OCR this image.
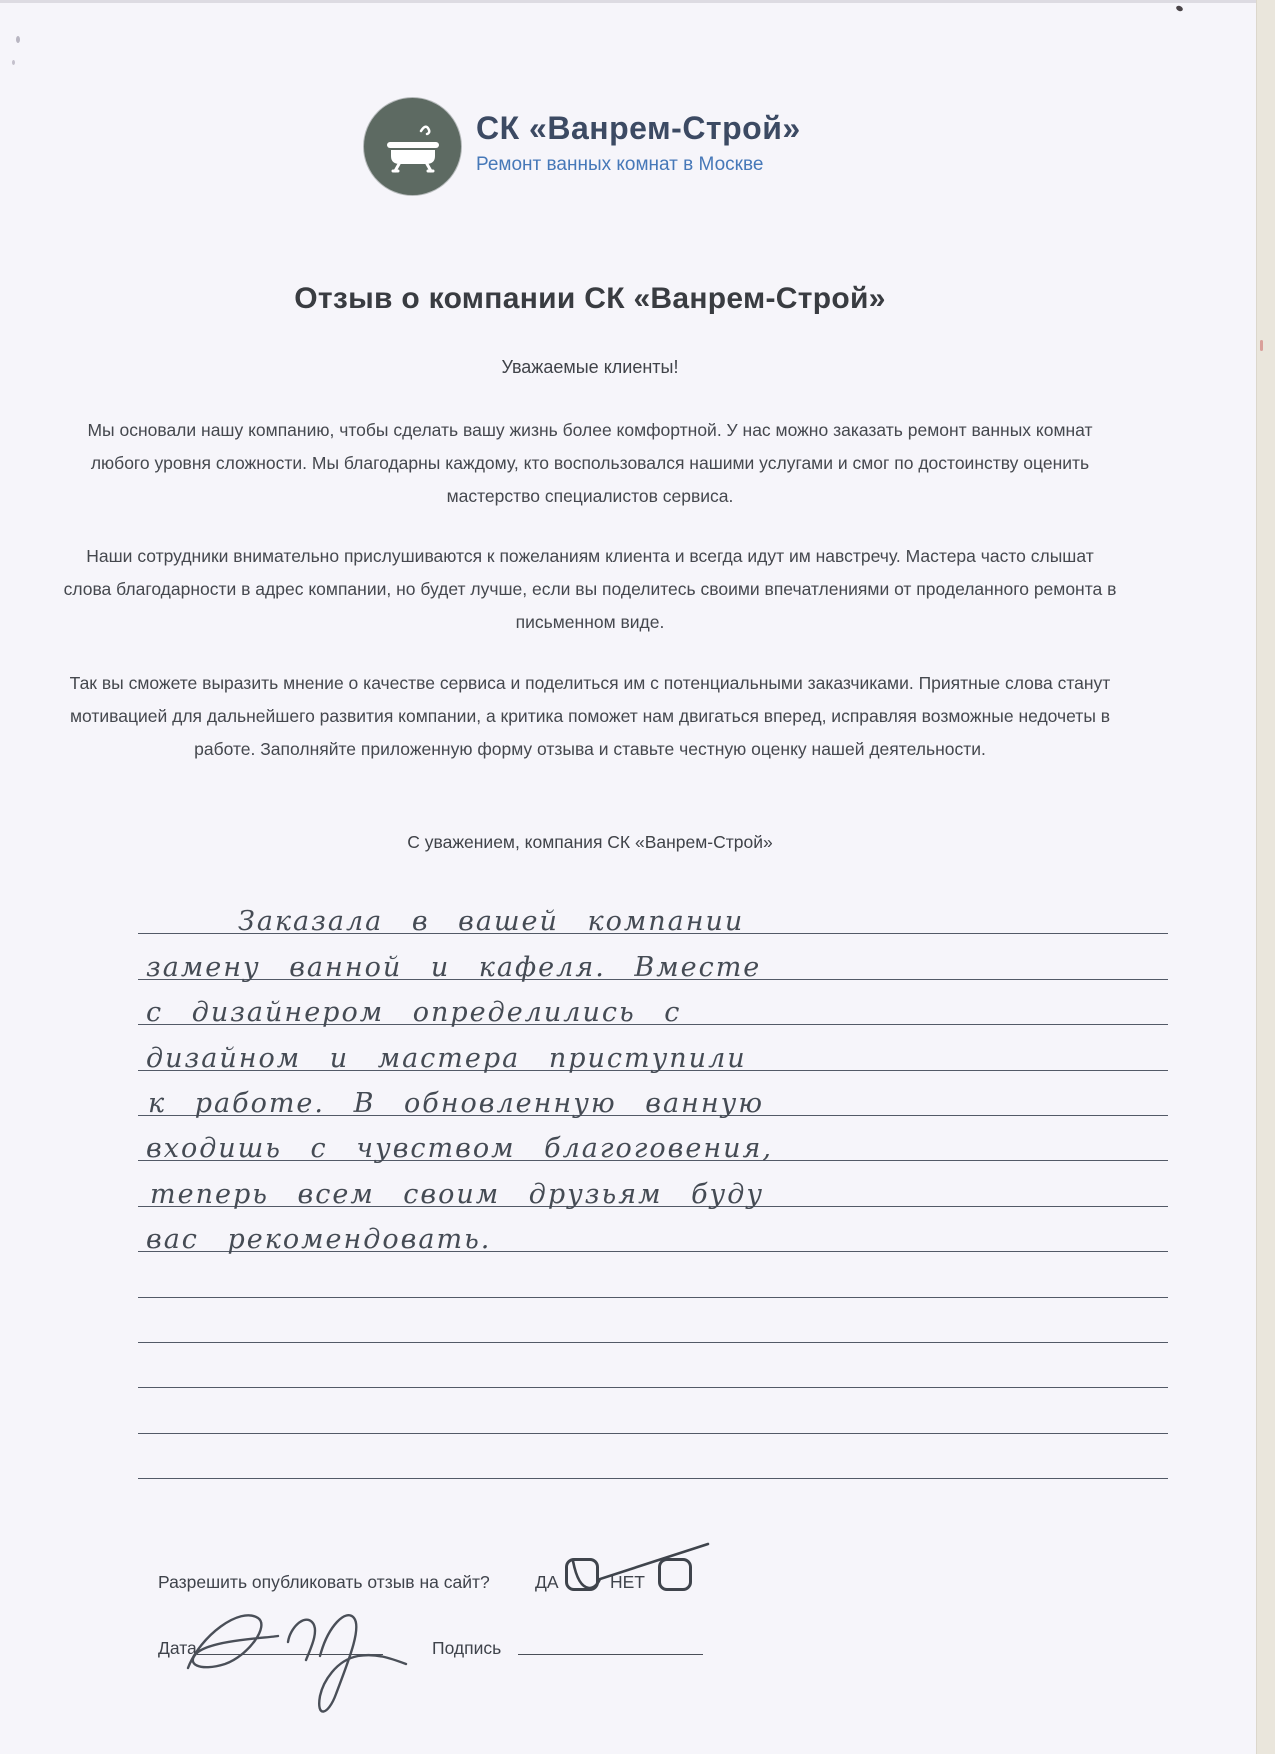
СК «Ванрем-Строй»
Ремонт ванных комнат в Москве
Отзыв о компании СК «Ванрем-Строй»
Уважаемые клиенты!
Мы основали нашу компанию, чтобы сделать вашу жизнь более комфортной. У нас можно заказать ремонт ванных комнат любого уровня сложности. Мы благодарны каждому, кто воспользовался нашими услугами и смог по достоинству оценить мастерство специалистов сервиса.
Наши сотрудники внимательно прислушиваются к пожеланиям клиента и всегда идут им навстречу. Мастера часто слышат слова благодарности в адрес компании, но будет лучше, если вы поделитесь своими впечатлениями от проделанного ремонта в письменном виде.
Так вы сможете выразить мнение о качестве сервиса и поделиться им с потенциальными заказчиками. Приятные слова станут мотивацией для дальнейшего развития компании, а критика поможет нам двигаться вперед, исправляя возможные недочеты в работе. Заполняйте приложенную форму отзыва и ставьте честную оценку нашей деятельности.
С уважением, компания СК «Ванрем-Строй»
Заказала в вашей компании
замену ванной и кафеля. Вместе
с дизайнером определились с
дизайном и мастера приступили
к работе. В обновленную ванную
входишь с чувством благоговения,
теперь всем своим друзьям буду
вас рекомендовать.
Разрешить опубликовать отзыв на сайт?	ДА	НЕТ
Дата	Подпись
